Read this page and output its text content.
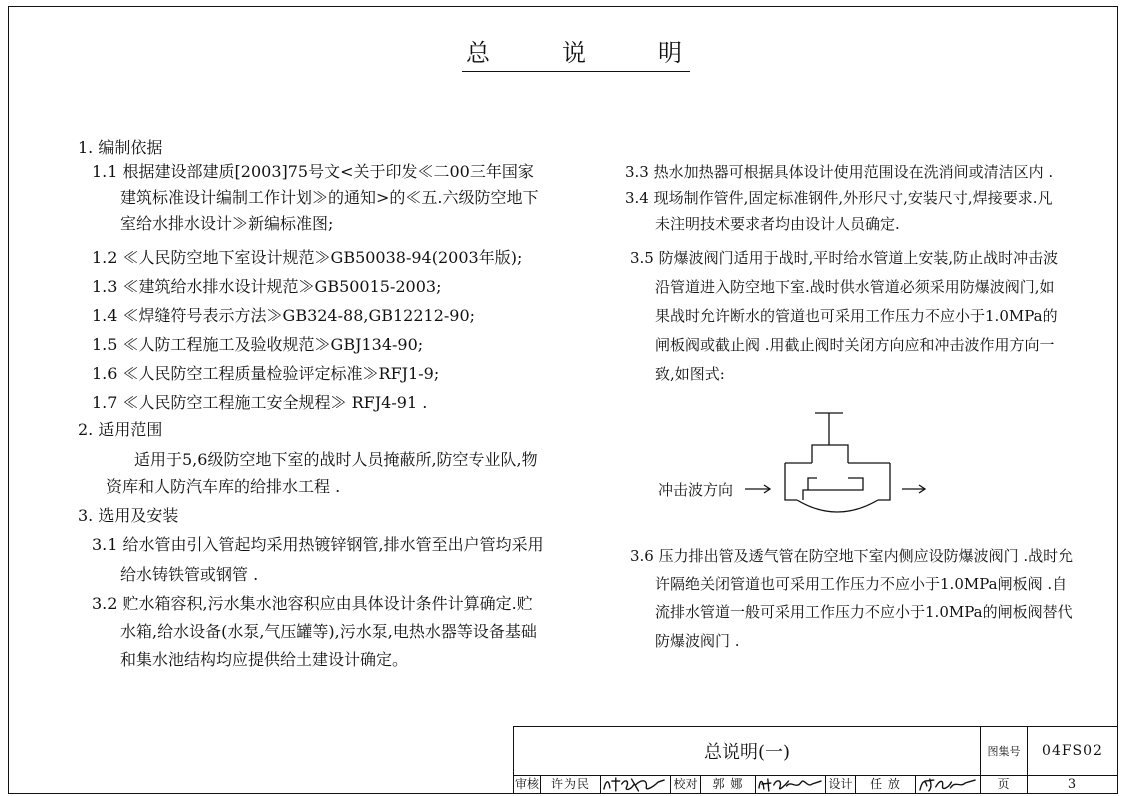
总说明
1. 编制依据
1.1 根据建设部建质[2003]75号文<关于印发≪二00三年国家
建筑标准设计编制工作计划≫的通知>的≪五.六级防空地下
室给水排水设计≫新编标准图;
1.2 ≪人民防空地下室设计规范≫GB50038-94(2003年版);
1.3 ≪建筑给水排水设计规范≫GB50015-2003;
1.4 ≪焊缝符号表示方法≫GB324-88,GB12212-90;
1.5 ≪人防工程施工及验收规范≫GBJ134-90;
1.6 ≪人民防空工程质量检验评定标准≫RFJ1-9;
1.7 ≪人民防空工程施工安全规程≫ RFJ4-91 .
2. 适用范围
适用于5,6级防空地下室的战时人员掩蔽所,防空专业队,物
资库和人防汽车库的给排水工程 .
3. 选用及安装
3.1 给水管由引入管起均采用热镀锌钢管,排水管至出户管均采用
给水铸铁管或钢管 .
3.2 贮水箱容积,污水集水池容积应由具体设计条件计算确定.贮
水箱,给水设备(水泵,气压罐等),污水泵,电热水器等设备基础
和集水池结构均应提供给土建设计确定。
3.3 热水加热器可根据具体设计使用范围设在洗消间或清洁区内 .
3.4 现场制作管件,固定标准钢件,外形尺寸,安装尺寸,焊接要求.凡
未注明技术要求者均由设计人员确定.
3.5 防爆波阀门适用于战时,平时给水管道上安装,防止战时冲击波
沿管道进入防空地下室.战时供水管道必须采用防爆波阀门,如
果战时允许断水的管道也可采用工作压力不应小于1.0MPa的
闸板阀或截止阀 .用截止阀时关闭方向应和冲击波作用方向一
致,如图式:
冲击波方向
3.6 压力排出管及透气管在防空地下室内侧应设防爆波阀门 .战时允
许隔绝关闭管道也可采用工作压力不应小于1.0MPa闸板阀 .自
流排水管道一般可采用工作压力不应小于1.0MPa的闸板阀替代
防爆波阀门 .
总说明(一)	图集号	04FS02
审核 许为民	校对	郭 娜	设计	任 放	页	3
